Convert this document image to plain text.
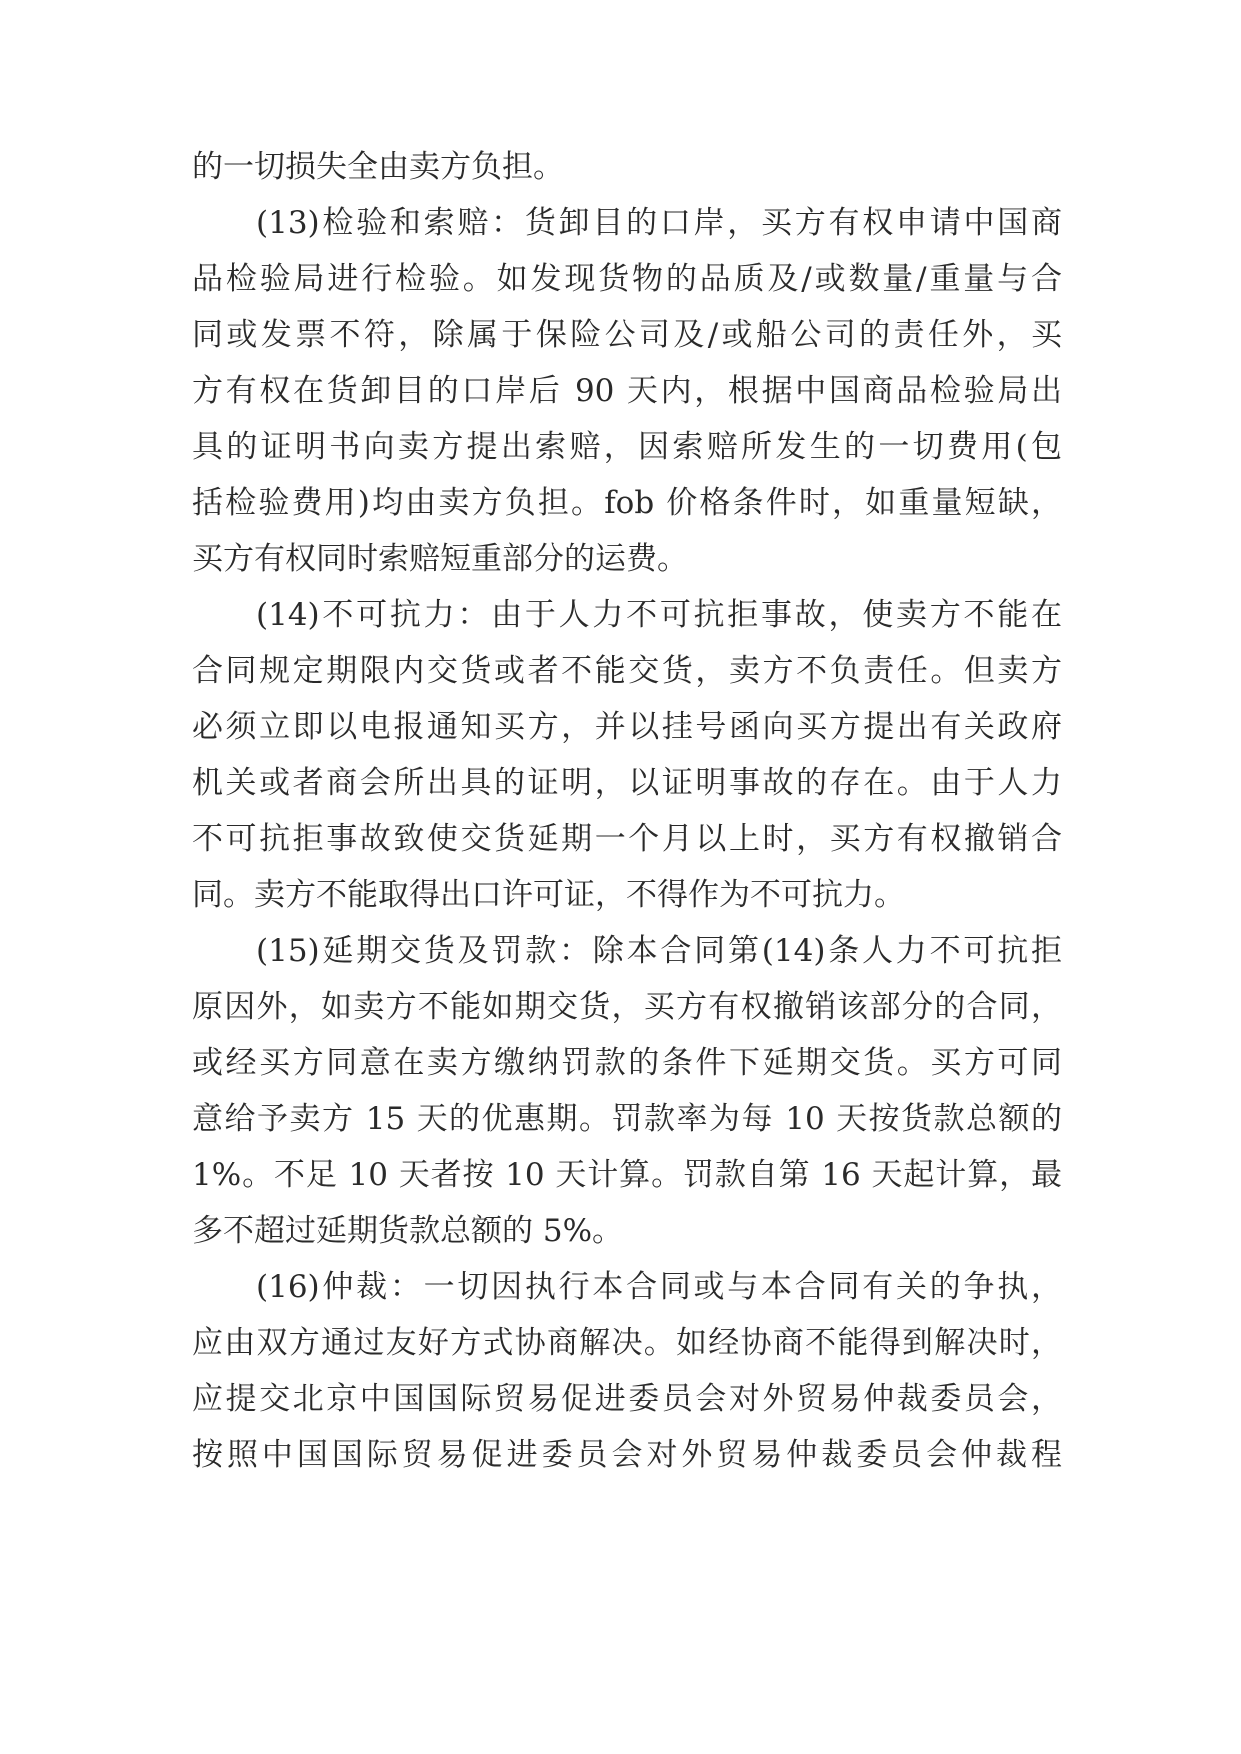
的一切损失全由卖方负担。
(13)检验和索赔：货卸目的口岸，买方有权申请中国商
品检验局进行检验。如发现货物的品质及/或数量/重量与合
同或发票不符，除属于保险公司及/或船公司的责任外，买
方有权在货卸目的口岸后 90 天内，根据中国商品检验局出
具的证明书向卖方提出索赔，因索赔所发生的一切费用(包
括检验费用)均由卖方负担。fob 价格条件时，如重量短缺，
买方有权同时索赔短重部分的运费。
(14)不可抗力：由于人力不可抗拒事故，使卖方不能在
合同规定期限内交货或者不能交货，卖方不负责任。但卖方
必须立即以电报通知买方，并以挂号函向买方提出有关政府
机关或者商会所出具的证明，以证明事故的存在。由于人力
不可抗拒事故致使交货延期一个月以上时，买方有权撤销合
同。卖方不能取得出口许可证，不得作为不可抗力。
(15)延期交货及罚款：除本合同第(14)条人力不可抗拒
原因外，如卖方不能如期交货，买方有权撤销该部分的合同，
或经买方同意在卖方缴纳罚款的条件下延期交货。买方可同
意给予卖方 15 天的优惠期。罚款率为每 10 天按货款总额的
1%。不足 10 天者按 10 天计算。罚款自第 16 天起计算，最
多不超过延期货款总额的 5%。
(16)仲裁：一切因执行本合同或与本合同有关的争执，
应由双方通过友好方式协商解决。如经协商不能得到解决时，
应提交北京中国国际贸易促进委员会对外贸易仲裁委员会，
按照中国国际贸易促进委员会对外贸易仲裁委员会仲裁程
